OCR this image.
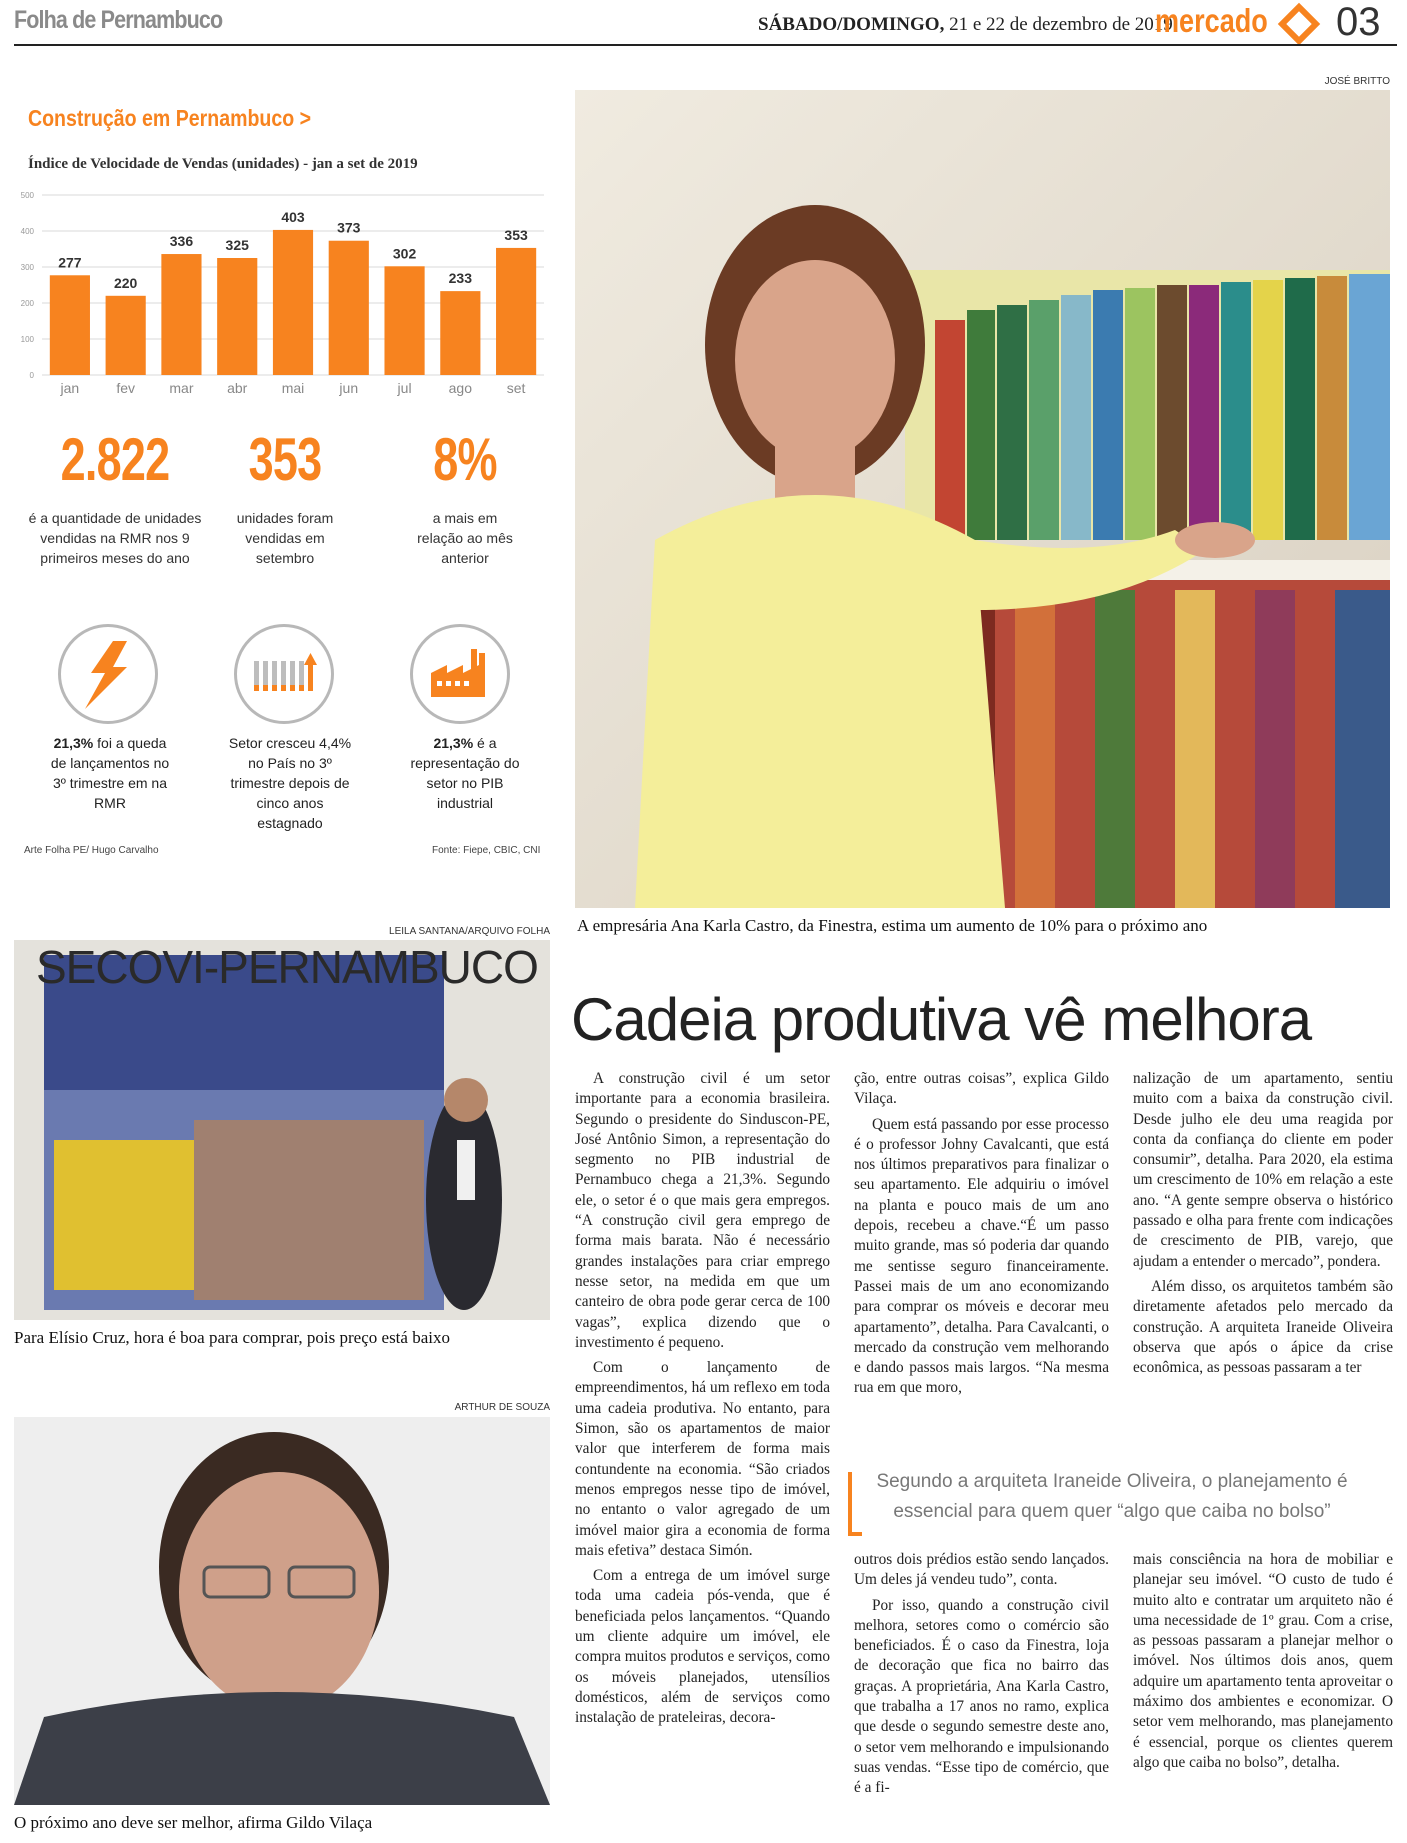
Folha de Pernambuco	SÁBADO/DOMINGO, 21 e 22 de dezembro de 2019
mercado 03
Construção em Pernambuco >
Índice de Velocidade de Vendas (unidades) - jan a set de 2019
0
100
200
300
400
500
277
jan
220
fev
336
mar
325
abr
403
mai
373
jun
302
jul
233
ago
353
set
2.822
é a quantidade de unidades vendidas na RMR nos 9 primeiros meses do ano
353
unidades foram vendidas em setembro
8%
a mais em relação ao mês anterior
21,3% foi a queda de lançamentos no 3º trimestre em na RMR
Setor cresceu 4,4% no País no 3º trimestre depois de cinco anos estagnado
21,3% é a representação do setor no PIB industrial
Arte Folha PE/ Hugo Carvalho	Fonte: Fiepe, CBIC, CNI
JOSÉ BRITTO
A empresária Ana Karla Castro, da Finestra, estima um aumento de 10% para o próximo ano
LEILA SANTANA/ARQUIVO FOLHA
SECOVI-PERNAMBUCO
Para Elísio Cruz, hora é boa para comprar, pois preço está baixo
ARTHUR DE SOUZA
O próximo ano deve ser melhor, afirma Gildo Vilaça
Cadeia produtiva vê melhora

A construção civil é um setor importante para a economia brasileira. Segundo o presidente do Sinduscon-PE, José Antônio Simon, a representação do segmento no PIB industrial de Pernambuco chega a 21,3%. Segundo ele, o setor é o que mais gera empregos. “A construção civil gera emprego de forma mais barata. Não é necessário grandes instalações para criar emprego nesse setor, na medida em que um canteiro de obra pode gerar cerca de 100 vagas”, explica dizendo que o investimento é pequeno.

Com o lançamento de empreendimentos, há um reflexo em toda uma cadeia produtiva. No entanto, para Simon, são os apartamentos de maior valor que interferem de forma mais contundente na economia. “São criados menos empregos nesse tipo de imóvel, no entanto o valor agregado de um imóvel maior gira a economia de forma mais efetiva” destaca Simón.

Com a entrega de um imóvel surge toda uma cadeia pós-venda, que é beneficiada pelos lançamentos. “Quando um cliente adquire um imóvel, ele compra muitos produtos e serviços, como os móveis planejados, utensílios domésticos, além de serviços como instalação de prateleiras, decora-

ção, entre outras coisas”, explica Gildo Vilaça.

Quem está passando por esse processo é o professor Johny Cavalcanti, que está nos últimos preparativos para finalizar o seu apartamento. Ele adquiriu o imóvel na planta e pouco mais de um ano depois, recebeu a chave.“É um passo muito grande, mas só poderia dar quando me sentisse seguro financeiramente. Passei mais de um ano economizando para comprar os móveis e decorar meu apartamento”, detalha. Para Cavalcanti, o mercado da construção vem melhorando e dando passos mais largos. “Na mesma rua em que moro,

nalização de um apartamento, sentiu muito com a baixa da construção civil. Desde julho ele deu uma reagida por conta da confiança do cliente em poder consumir”, detalha. Para 2020, ela estima um crescimento de 10% em relação a este ano. “A gente sempre observa o histórico passado e olha para frente com indicações de crescimento de PIB, varejo, que ajudam a entender o mercado”, pondera.

Além disso, os arquitetos também são diretamente afetados pelo mercado da construção. A arquiteta Iraneide Oliveira observa que após o ápice da crise econômica, as pessoas passaram a ter

Segundo a arquiteta Iraneide Oliveira, o planejamento é essencial para quem quer “algo que caiba no bolso”

outros dois prédios estão sendo lançados. Um deles já vendeu tudo”, conta.

Por isso, quando a construção civil melhora, setores como o comércio são beneficiados. É o caso da Finestra, loja de decoração que fica no bairro das graças. A proprietária, Ana Karla Castro, que trabalha a 17 anos no ramo, explica que desde o segundo semestre deste ano, o setor vem melhorando e impulsionando suas vendas. “Esse tipo de comércio, que é a fi-

mais consciência na hora de mobiliar e planejar seu imóvel. “O custo de tudo é muito alto e contratar um arquiteto não é uma necessidade de 1º grau. Com a crise, as pessoas passaram a planejar melhor o imóvel. Nos últimos dois anos, quem adquire um apartamento tenta aproveitar o máximo dos ambientes e economizar. O setor vem melhorando, mas planejamento é essencial, porque os clientes querem algo que caiba no bolso”, detalha.
